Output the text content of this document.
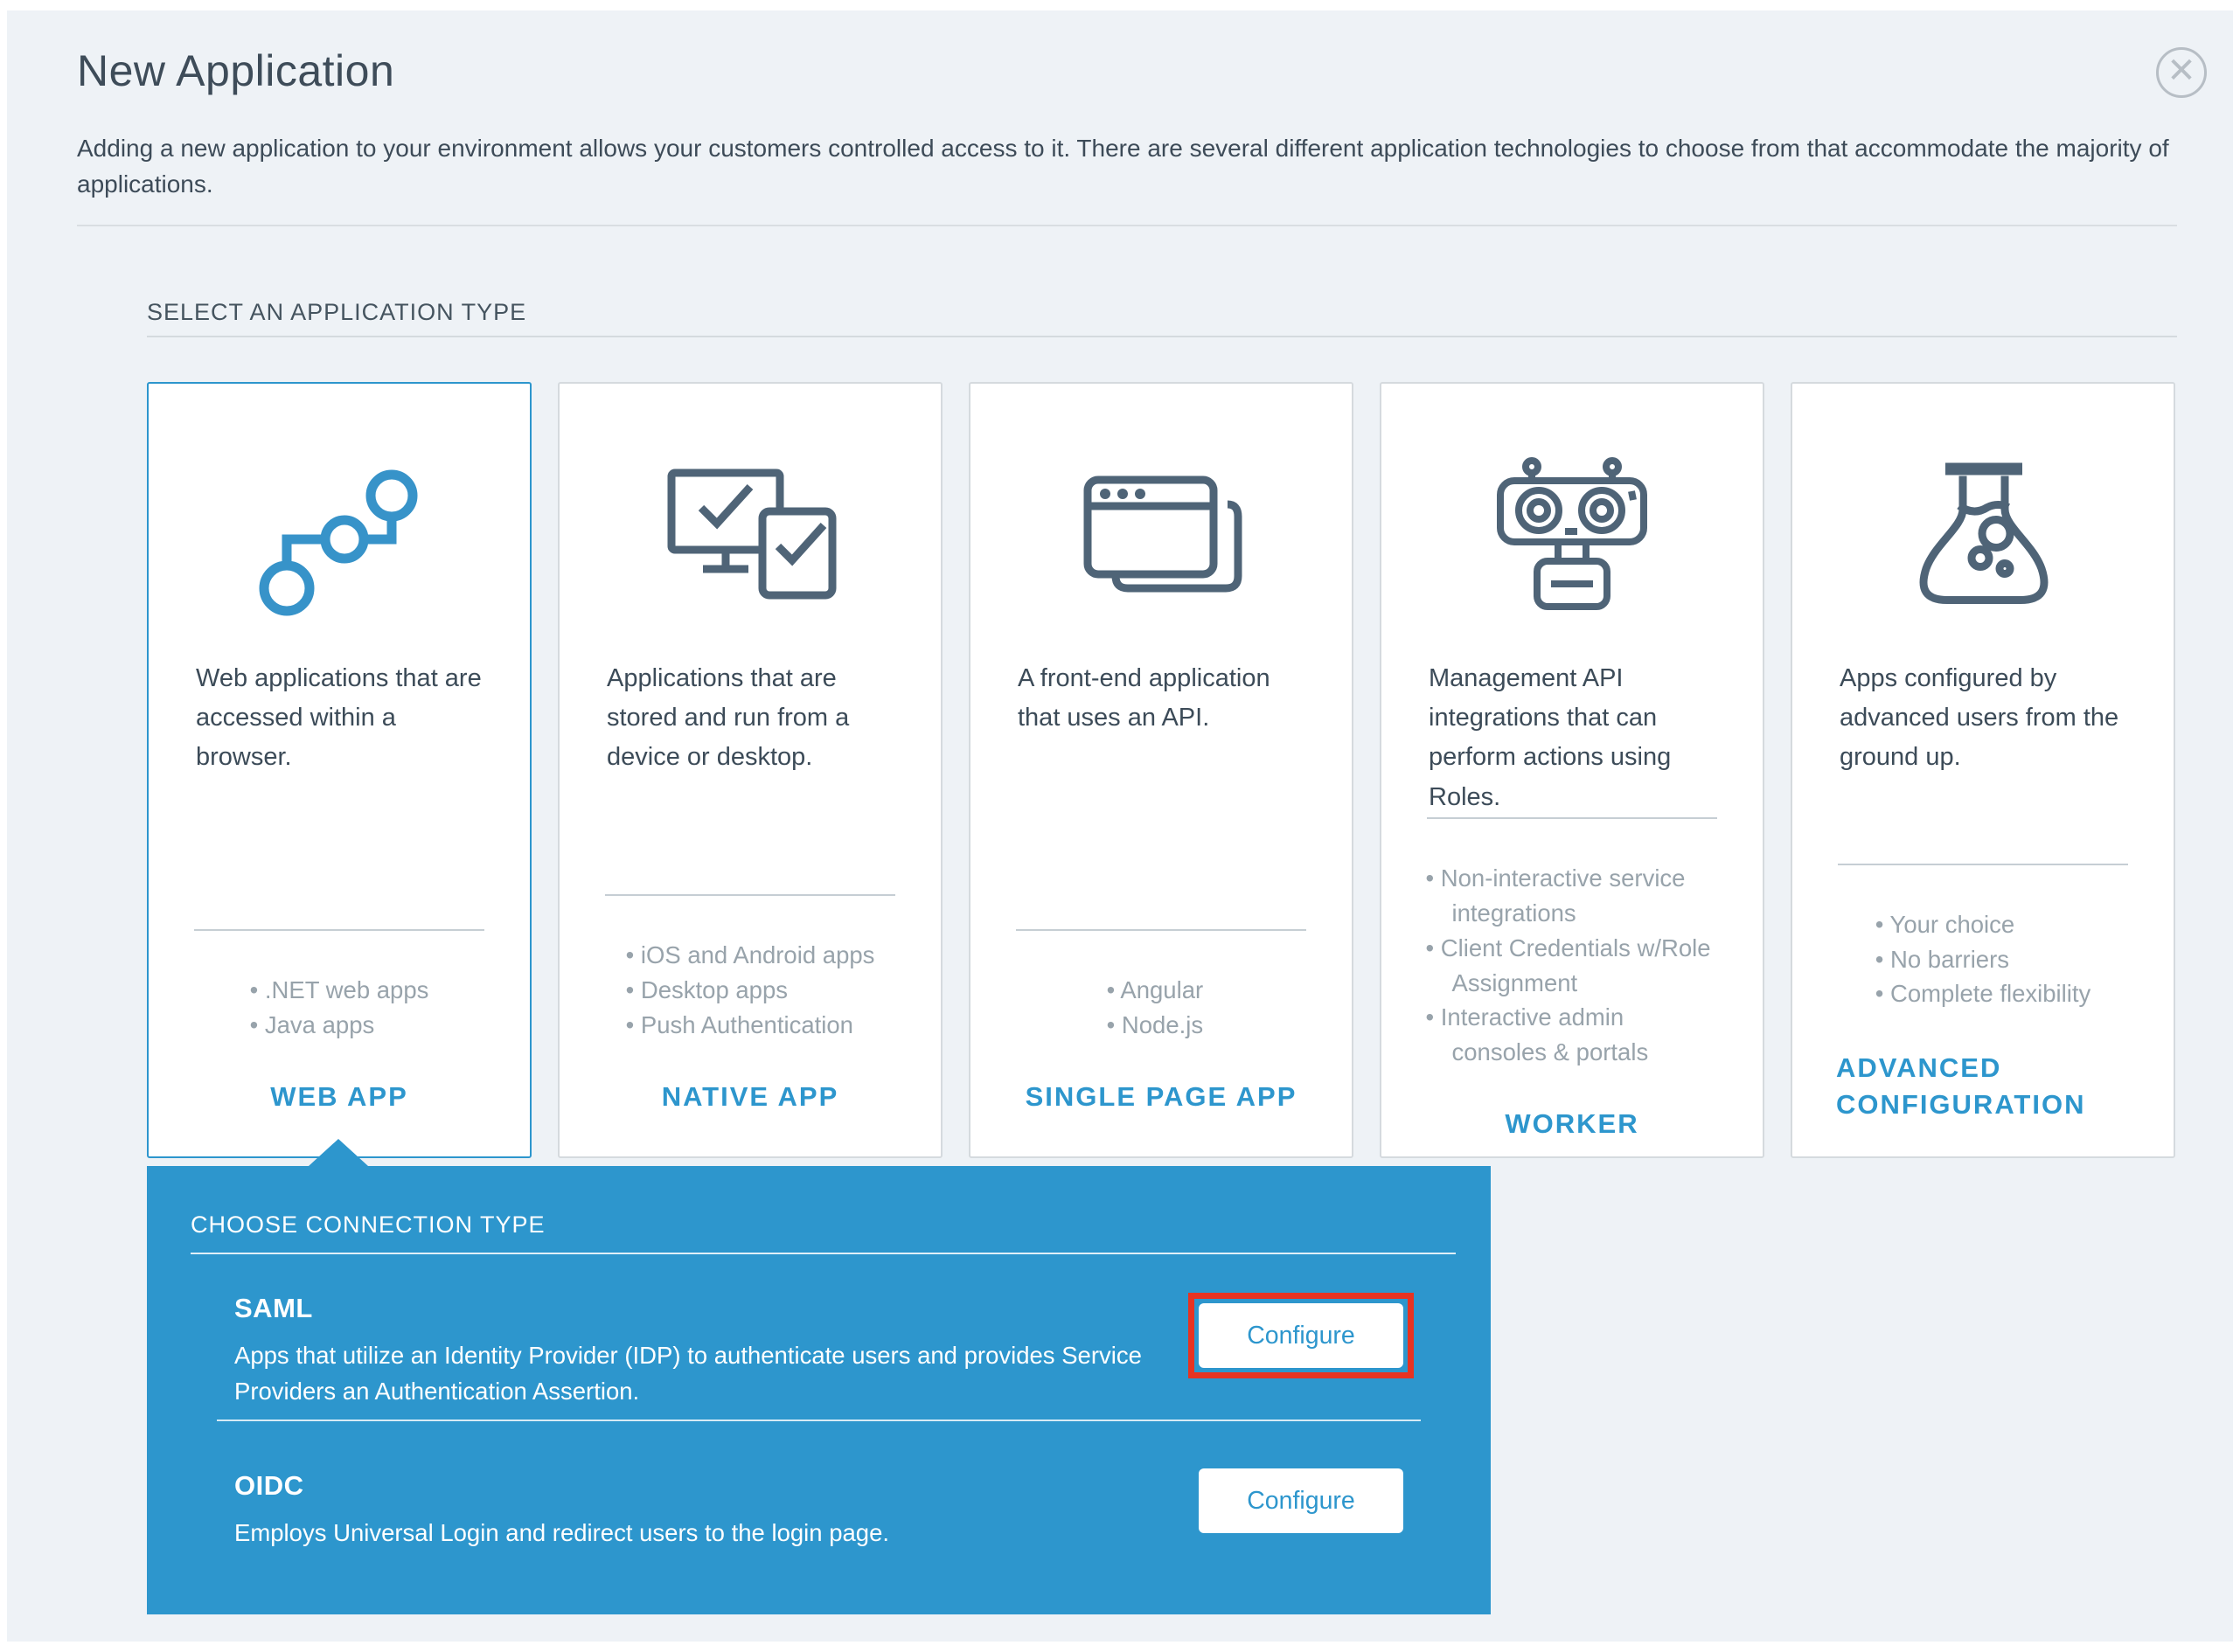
New Application	✕
Adding a new application to your environment allows your customers controlled access to it. There are several different application technologies to choose from that accommodate the majority of applications.
SELECT AN APPLICATION TYPE
Web applications that are accessed within a browser.
• .NET web apps
• Java apps
WEB APP
Applications that are stored and run from a device or desktop.
• iOS and Android apps
• Desktop apps
• Push Authentication
NATIVE APP
A front-end application that uses an API.
• Angular
• Node.js
SINGLE PAGE APP
Management API integrations that can perform actions using Roles.
• Non-interactive service integrations
• Client Credentials w/Role Assignment
• Interactive admin consoles & portals
WORKER
Apps configured by advanced users from the ground up.
• Your choice
• No barriers
• Complete flexibility
ADVANCED CONFIGURATION
CHOOSE CONNECTION TYPE
SAML
Apps that utilize an Identity Provider (IDP) to authenticate users and provides Service Providers an Authentication Assertion.
Configure
OIDC
Employs Universal Login and redirect users to the login page.
Configure
